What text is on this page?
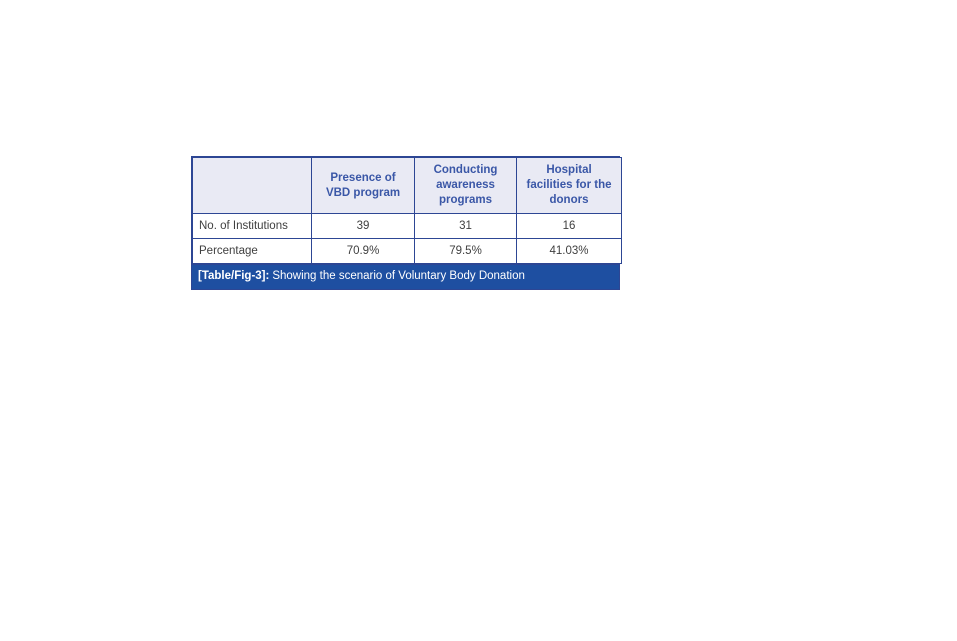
	Presence of VBD program	Conducting awareness programs	Hospital facilities for the donors
No. of Institutions	39	31	16
Percentage	70.9%	79.5%	41.03%
[Table/Fig-3]: Showing the scenario of Voluntary Body Donation
